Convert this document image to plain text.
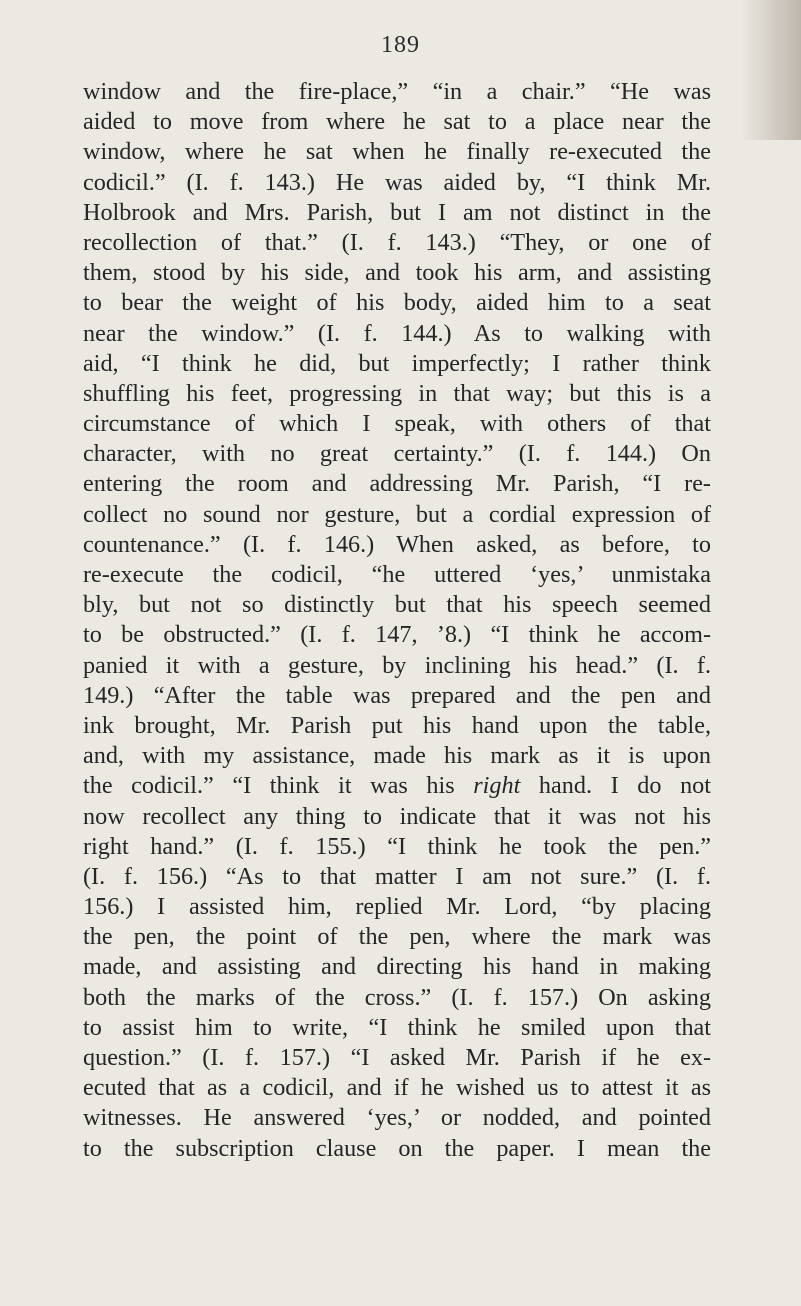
189
window and the fire-place,” “in a chair.” “He was
aided to move from where he sat to a place near the
window, where he sat when he finally re-executed the
codicil.” (I. f. 143.) He was aided by, “I think Mr.
Holbrook and Mrs. Parish, but I am not distinct in the
recollection of that.” (I. f. 143.) “They, or one of
them, stood by his side, and took his arm, and assisting
to bear the weight of his body, aided him to a seat
near the window.” (I. f. 144.) As to walking with
aid, “I think he did, but imperfectly; I rather think
shuffling his feet, progressing in that way; but this is a
circumstance of which I speak, with others of that
character, with no great certainty.” (I. f. 144.) On
entering the room and addressing Mr. Parish, “I re-
collect no sound nor gesture, but a cordial expression of
countenance.” (I. f. 146.) When asked, as before, to
re-execute the codicil, “he uttered ‘yes,’ unmistaka
bly, but not so distinctly but that his speech seemed
to be obstructed.” (I. f. 147, ’8.) “I think he accom-
panied it with a gesture, by inclining his head.” (I. f.
149.) “After the table was prepared and the pen and
ink brought, Mr. Parish put his hand upon the table,
and, with my assistance, made his mark as it is upon
the codicil.” “I think it was his right hand. I do not
now recollect any thing to indicate that it was not his
right hand.” (I. f. 155.) “I think he took the pen.”
(I. f. 156.) “As to that matter I am not sure.” (I. f.
156.) I assisted him, replied Mr. Lord, “by placing
the pen, the point of the pen, where the mark was
made, and assisting and directing his hand in making
both the marks of the cross.” (I. f. 157.) On asking
to assist him to write, “I think he smiled upon that
question.” (I. f. 157.) “I asked Mr. Parish if he ex-
ecuted that as a codicil, and if he wished us to attest it as
witnesses. He answered ‘yes,’ or nodded, and pointed
to the subscription clause on the paper. I mean the
